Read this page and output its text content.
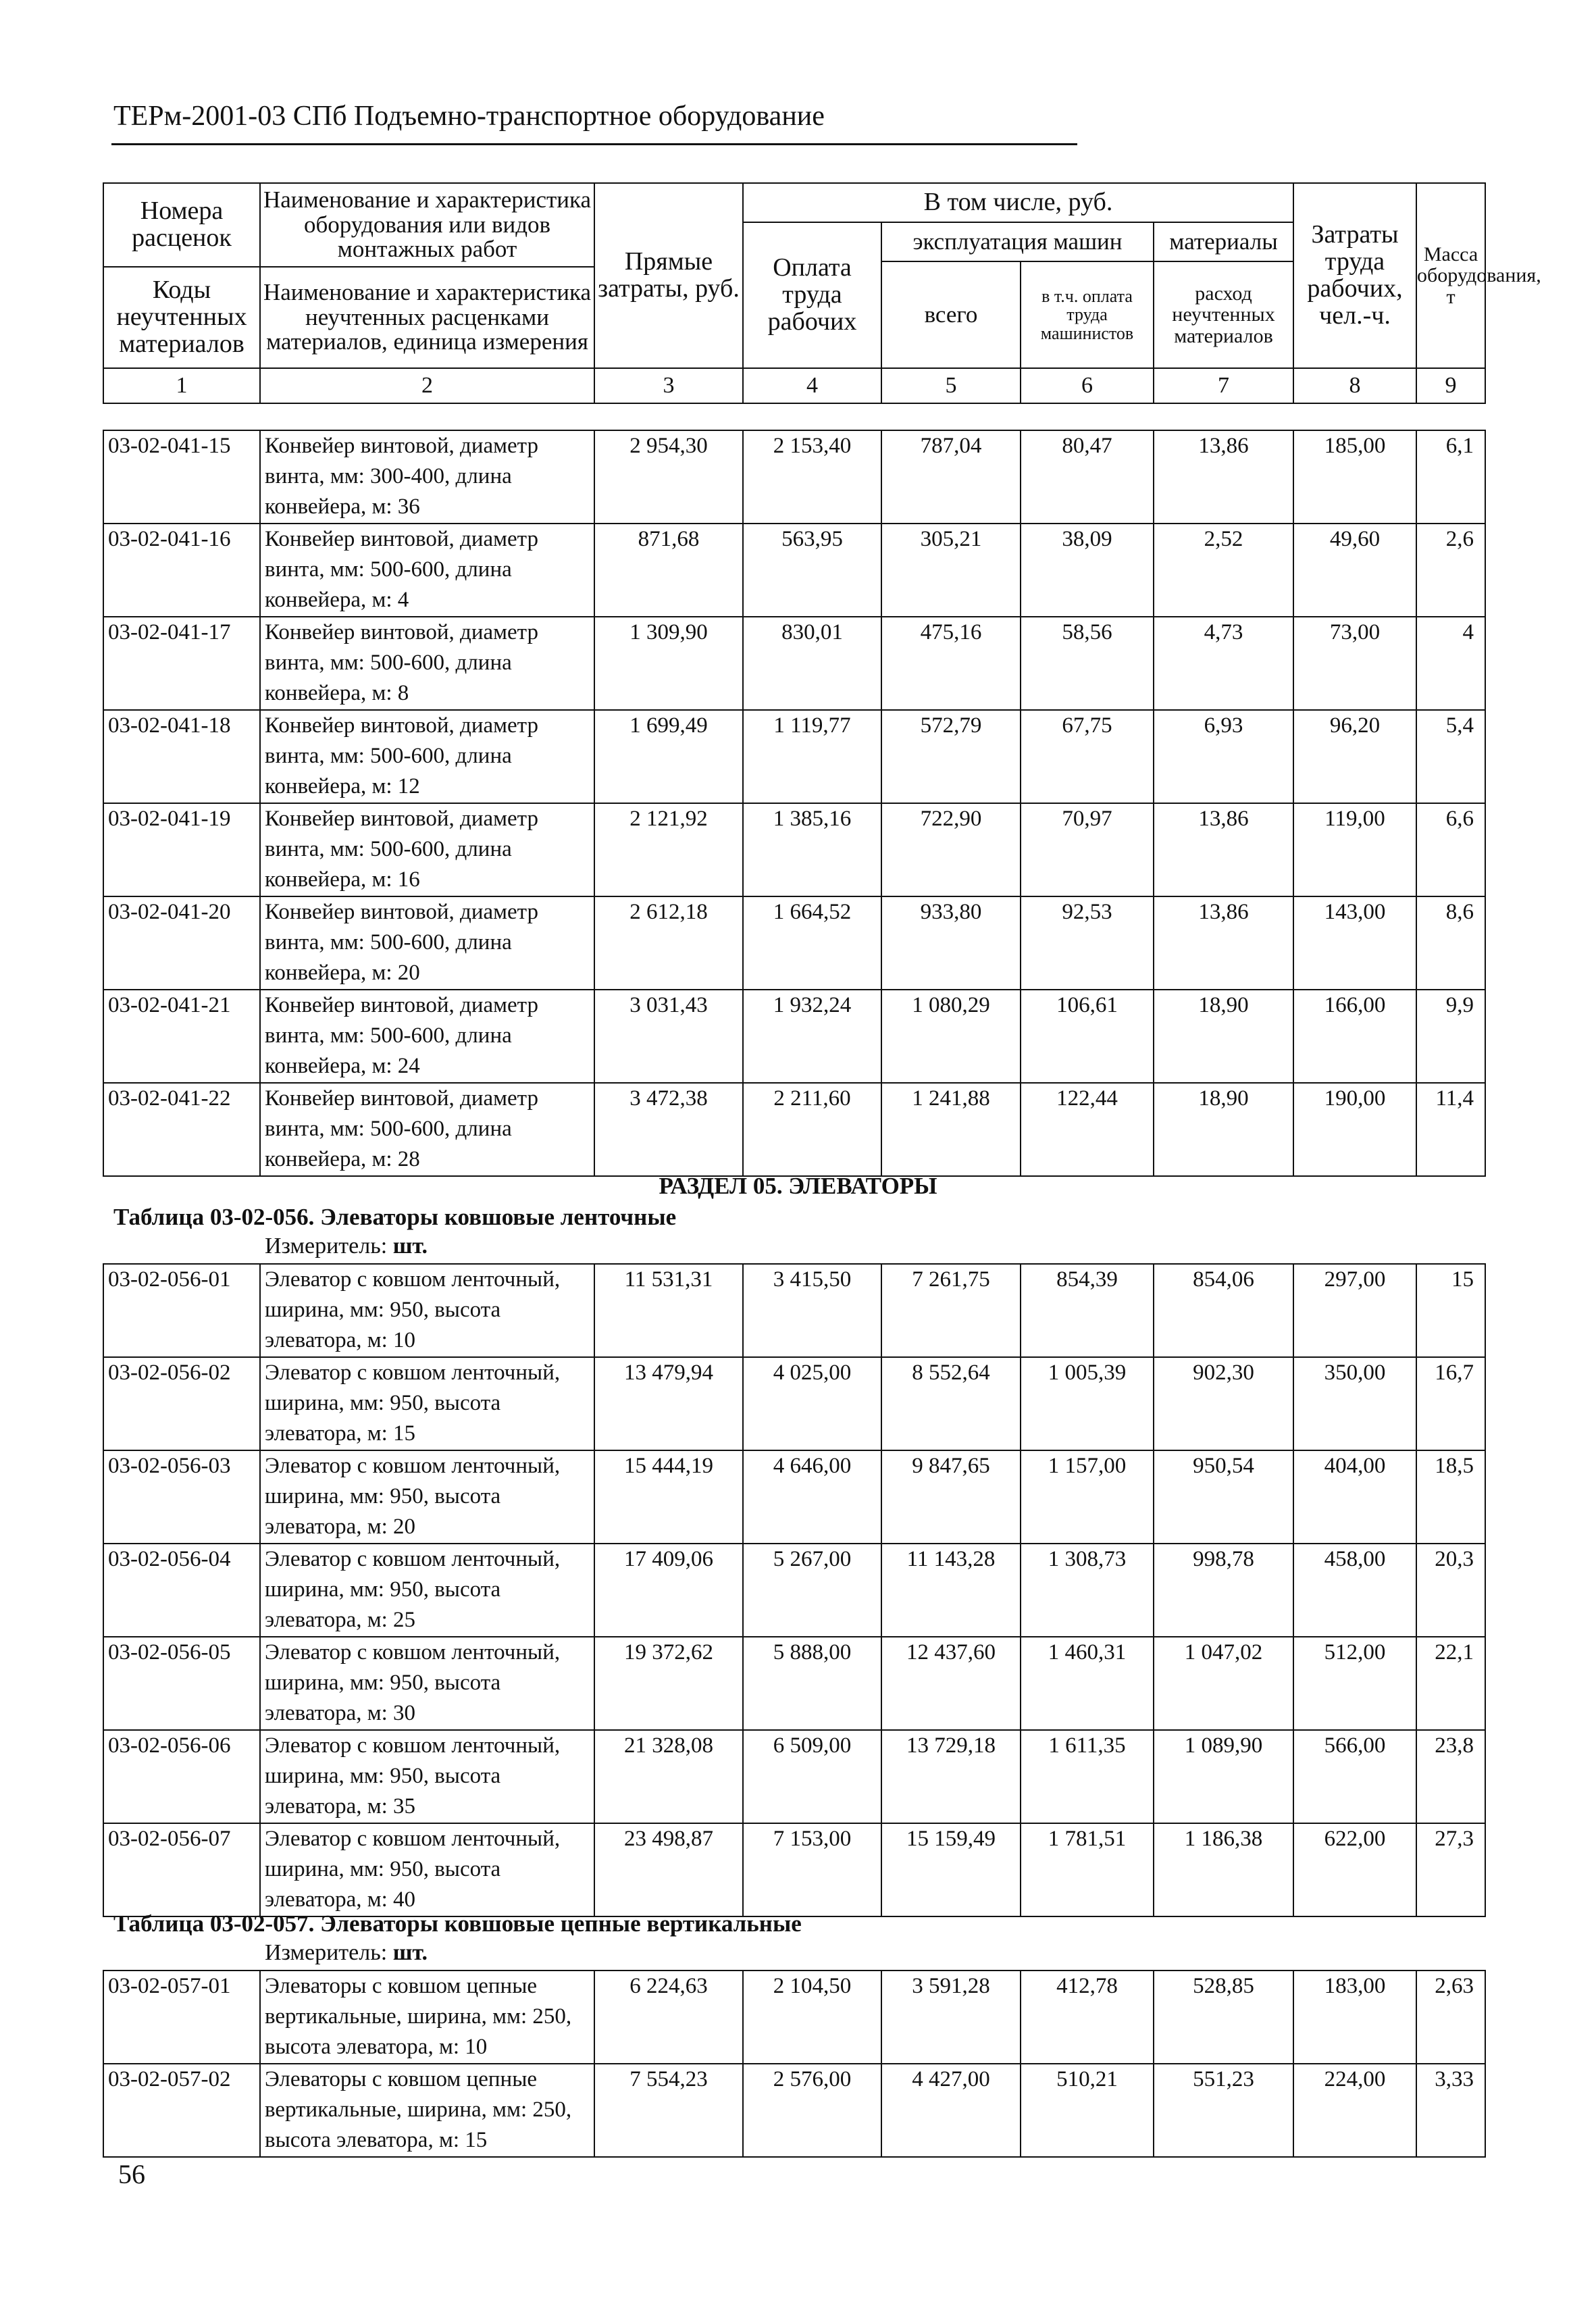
ТЕРм-2001-03 СПб Подъемно-транспортное оборудование
Номера расценок	Наименование и характеристика оборудования или видов монтажных работ	Прямые затраты, руб.	В том числе, руб.				Затраты труда рабочих, чел.-ч.	Масса оборудования, т
			Оплата труда рабочих	эксплуатация машин		материалы		
				всего	в т.ч. оплата труда машинистов	расход неучтенных материалов		
Коды неучтенных материалов	Наименование и характеристика неучтенных расценками материалов, единица измерения							

1	2	3	4	5	6	7	8	9
03-02-041-15	Конвейер винтовой, диаметр винта, мм: 300-400, длина конвейера, м: 36	2 954,30	2 153,40	787,04	80,47	13,86	185,00	6,1
03-02-041-16	Конвейер винтовой, диаметр винта, мм: 500-600, длина конвейера, м: 4	871,68	563,95	305,21	38,09	2,52	49,60	2,6
03-02-041-17	Конвейер винтовой, диаметр винта, мм: 500-600, длина конвейера, м: 8	1 309,90	830,01	475,16	58,56	4,73	73,00	4
03-02-041-18	Конвейер винтовой, диаметр винта, мм: 500-600, длина конвейера, м: 12	1 699,49	1 119,77	572,79	67,75	6,93	96,20	5,4
03-02-041-19	Конвейер винтовой, диаметр винта, мм: 500-600, длина конвейера, м: 16	2 121,92	1 385,16	722,90	70,97	13,86	119,00	6,6
03-02-041-20	Конвейер винтовой, диаметр винта, мм: 500-600, длина конвейера, м: 20	2 612,18	1 664,52	933,80	92,53	13,86	143,00	8,6
03-02-041-21	Конвейер винтовой, диаметр винта, мм: 500-600, длина конвейера, м: 24	3 031,43	1 932,24	1 080,29	106,61	18,90	166,00	9,9
03-02-041-22	Конвейер винтовой, диаметр винта, мм: 500-600, длина конвейера, м: 28	3 472,38	2 211,60	1 241,88	122,44	18,90	190,00	11,4
РАЗДЕЛ 05. ЭЛЕВАТОРЫ
Таблица 03-02-056. Элеваторы ковшовые ленточные
Измеритель: шт.
03-02-056-01	Элеватор с ковшом ленточный, ширина, мм: 950, высота элеватора, м: 10	11 531,31	3 415,50	7 261,75	854,39	854,06	297,00	15
03-02-056-02	Элеватор с ковшом ленточный, ширина, мм: 950, высота элеватора, м: 15	13 479,94	4 025,00	8 552,64	1 005,39	902,30	350,00	16,7
03-02-056-03	Элеватор с ковшом ленточный, ширина, мм: 950, высота элеватора, м: 20	15 444,19	4 646,00	9 847,65	1 157,00	950,54	404,00	18,5
03-02-056-04	Элеватор с ковшом ленточный, ширина, мм: 950, высота элеватора, м: 25	17 409,06	5 267,00	11 143,28	1 308,73	998,78	458,00	20,3
03-02-056-05	Элеватор с ковшом ленточный, ширина, мм: 950, высота элеватора, м: 30	19 372,62	5 888,00	12 437,60	1 460,31	1 047,02	512,00	22,1
03-02-056-06	Элеватор с ковшом ленточный, ширина, мм: 950, высота элеватора, м: 35	21 328,08	6 509,00	13 729,18	1 611,35	1 089,90	566,00	23,8
03-02-056-07	Элеватор с ковшом ленточный, ширина, мм: 950, высота элеватора, м: 40	23 498,87	7 153,00	15 159,49	1 781,51	1 186,38	622,00	27,3
Таблица 03-02-057. Элеваторы ковшовые цепные вертикальные
Измеритель: шт.
03-02-057-01	Элеваторы с ковшом цепные вертикальные, ширина, мм: 250, высота элеватора, м: 10	6 224,63	2 104,50	3 591,28	412,78	528,85	183,00	2,63
03-02-057-02	Элеваторы с ковшом цепные вертикальные, ширина, мм: 250, высота элеватора, м: 15	7 554,23	2 576,00	4 427,00	510,21	551,23	224,00	3,33
56
